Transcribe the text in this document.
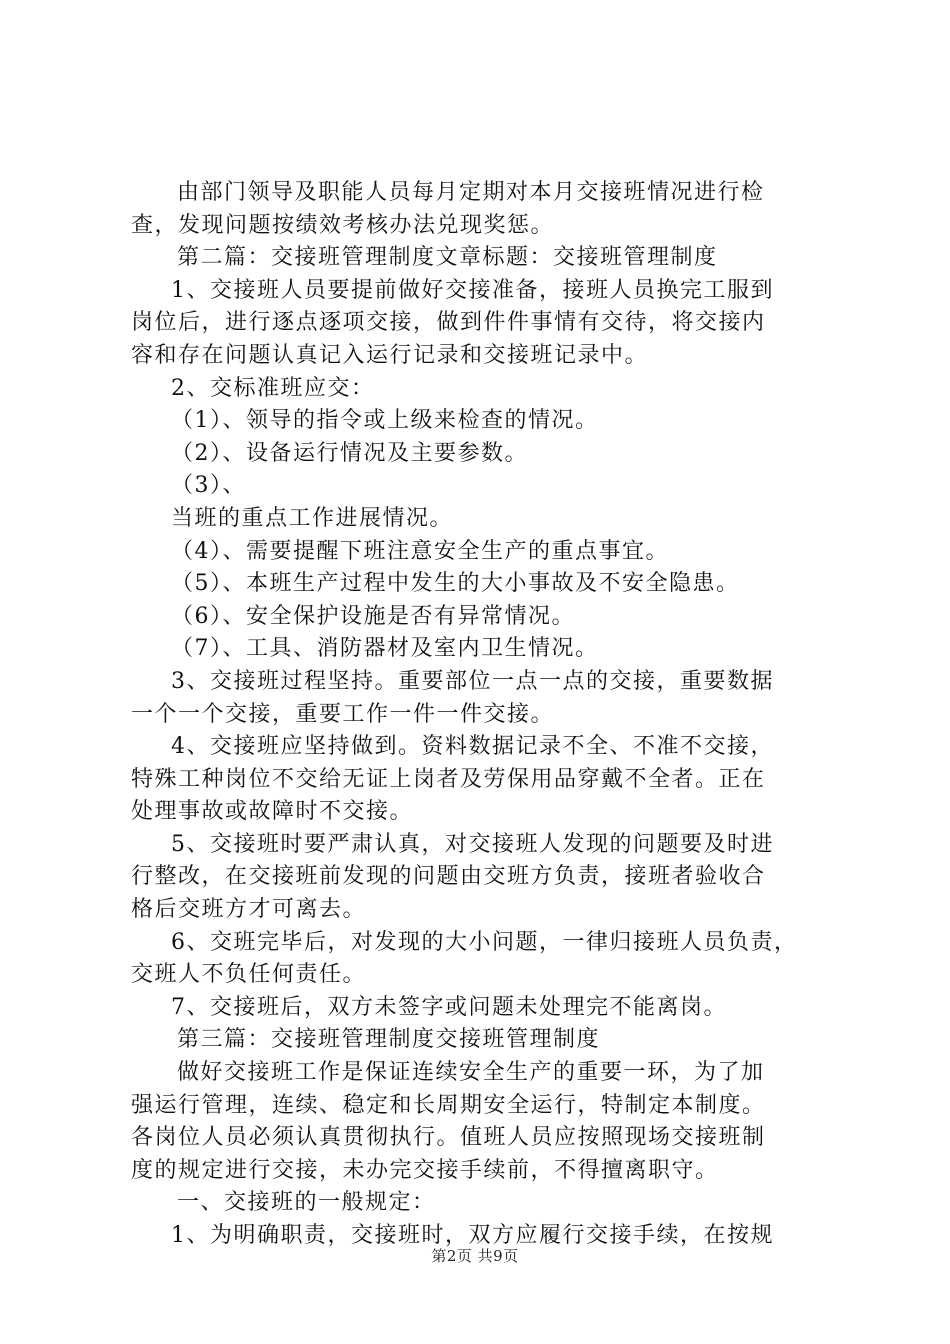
由部门领导及职能人员每月定期对本月交接班情况进行检
查，发现问题按绩效考核办法兑现奖惩。
第二篇：交接班管理制度文章标题：交接班管理制度
1、交接班人员要提前做好交接准备，接班人员换完工服到
岗位后，进行逐点逐项交接，做到件件事情有交待，将交接内
容和存在问题认真记入运行记录和交接班记录中。
2、交标准班应交：
（1）、领导的指令或上级来检查的情况。
（2）、设备运行情况及主要参数。
（3）、
当班的重点工作进展情况。
（4）、需要提醒下班注意安全生产的重点事宜。
（5）、本班生产过程中发生的大小事故及不安全隐患。
（6）、安全保护设施是否有异常情况。
（7）、工具、消防器材及室内卫生情况。
3、交接班过程坚持。重要部位一点一点的交接，重要数据
一个一个交接，重要工作一件一件交接。
4、交接班应坚持做到。资料数据记录不全、不准不交接，
特殊工种岗位不交给无证上岗者及劳保用品穿戴不全者。正在
处理事故或故障时不交接。
5、交接班时要严肃认真，对交接班人发现的问题要及时进
行整改，在交接班前发现的问题由交班方负责，接班者验收合
格后交班方才可离去。
6、交班完毕后，对发现的大小问题，一律归接班人员负责，
交班人不负任何责任。
7、交接班后，双方未签字或问题未处理完不能离岗。
第三篇：交接班管理制度交接班管理制度
做好交接班工作是保证连续安全生产的重要一环，为了加
强运行管理，连续、稳定和长周期安全运行，特制定本制度。
各岗位人员必须认真贯彻执行。值班人员应按照现场交接班制
度的规定进行交接，未办完交接手续前，不得擅离职守。
一、交接班的一般规定：
1、为明确职责，交接班时，双方应履行交接手续，在按规
第2页 共9页
